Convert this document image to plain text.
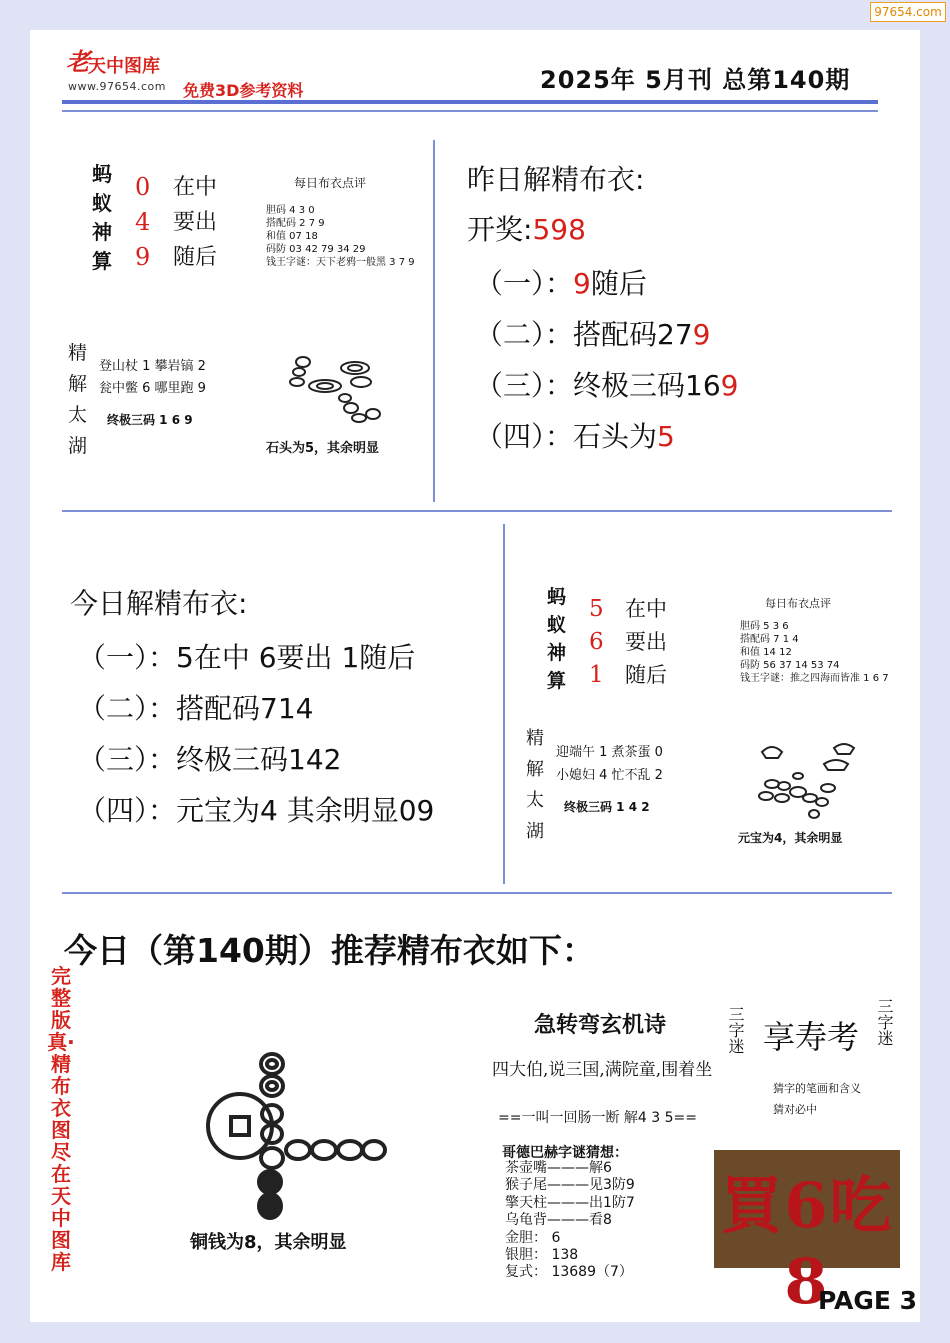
97654.com
老
天中图库
www.97654.com 免费3D参考资料	2025年 5月刊 总第140期
蚂
蚁
神
算
0
4
9
在中
要出
随后
每日布衣点评
胆码 4 3 0
搭配码 2 7 9
和值 07 18
码防 03 42 79 34 29
钱王字谜：天下老鸦一般黑 3 7 9
精
解
太
湖
登山杖 1 攀岩镐 2
瓮中鳖 6 哪里跑 9
终极三码 1 6 9
石头为5，其余明显
昨日解精布衣:
开奖:598
（一）：9随后
（二）：搭配码279
（三）：终极三码169
（四）：石头为5
今日解精布衣:
（一）：5在中 6要出 1随后
（二）：搭配码714
（三）：终极三码142
（四）：元宝为4 其余明显09
蚂
蚁
神
算
5
6
1
在中
要出
随后
每日布衣点评
胆码 5 3 6
搭配码 7 1 4
和值 14 12
码防 56 37 14 53 74
钱王字谜：推之四海而皆准 1 6 7
精
解
太
湖
迎端午 1 煮茶蛋 0
小媳妇 4 忙不乱 2
终极三码 1 4 2
元宝为4，其余明显
今日（第140期）推荐精布衣如下：
完整版真·精布衣图尽在天中图库
铜钱为8，其余明显
急转弯玄机诗
四大伯,说三国,满院童,围着坐
==一叫一回肠一断 解4 3 5==
哥德巴赫字谜猜想：
茶壶嘴———解6
猴子尾———见3防9
擎天柱———出1防7
乌龟背———看8
金胆： 6
银胆： 138
复式： 13689（7）
三字迷 享寿考 三字迷
猜字的笔画和含义
猜对必中
買6吃8
PAGE 3
